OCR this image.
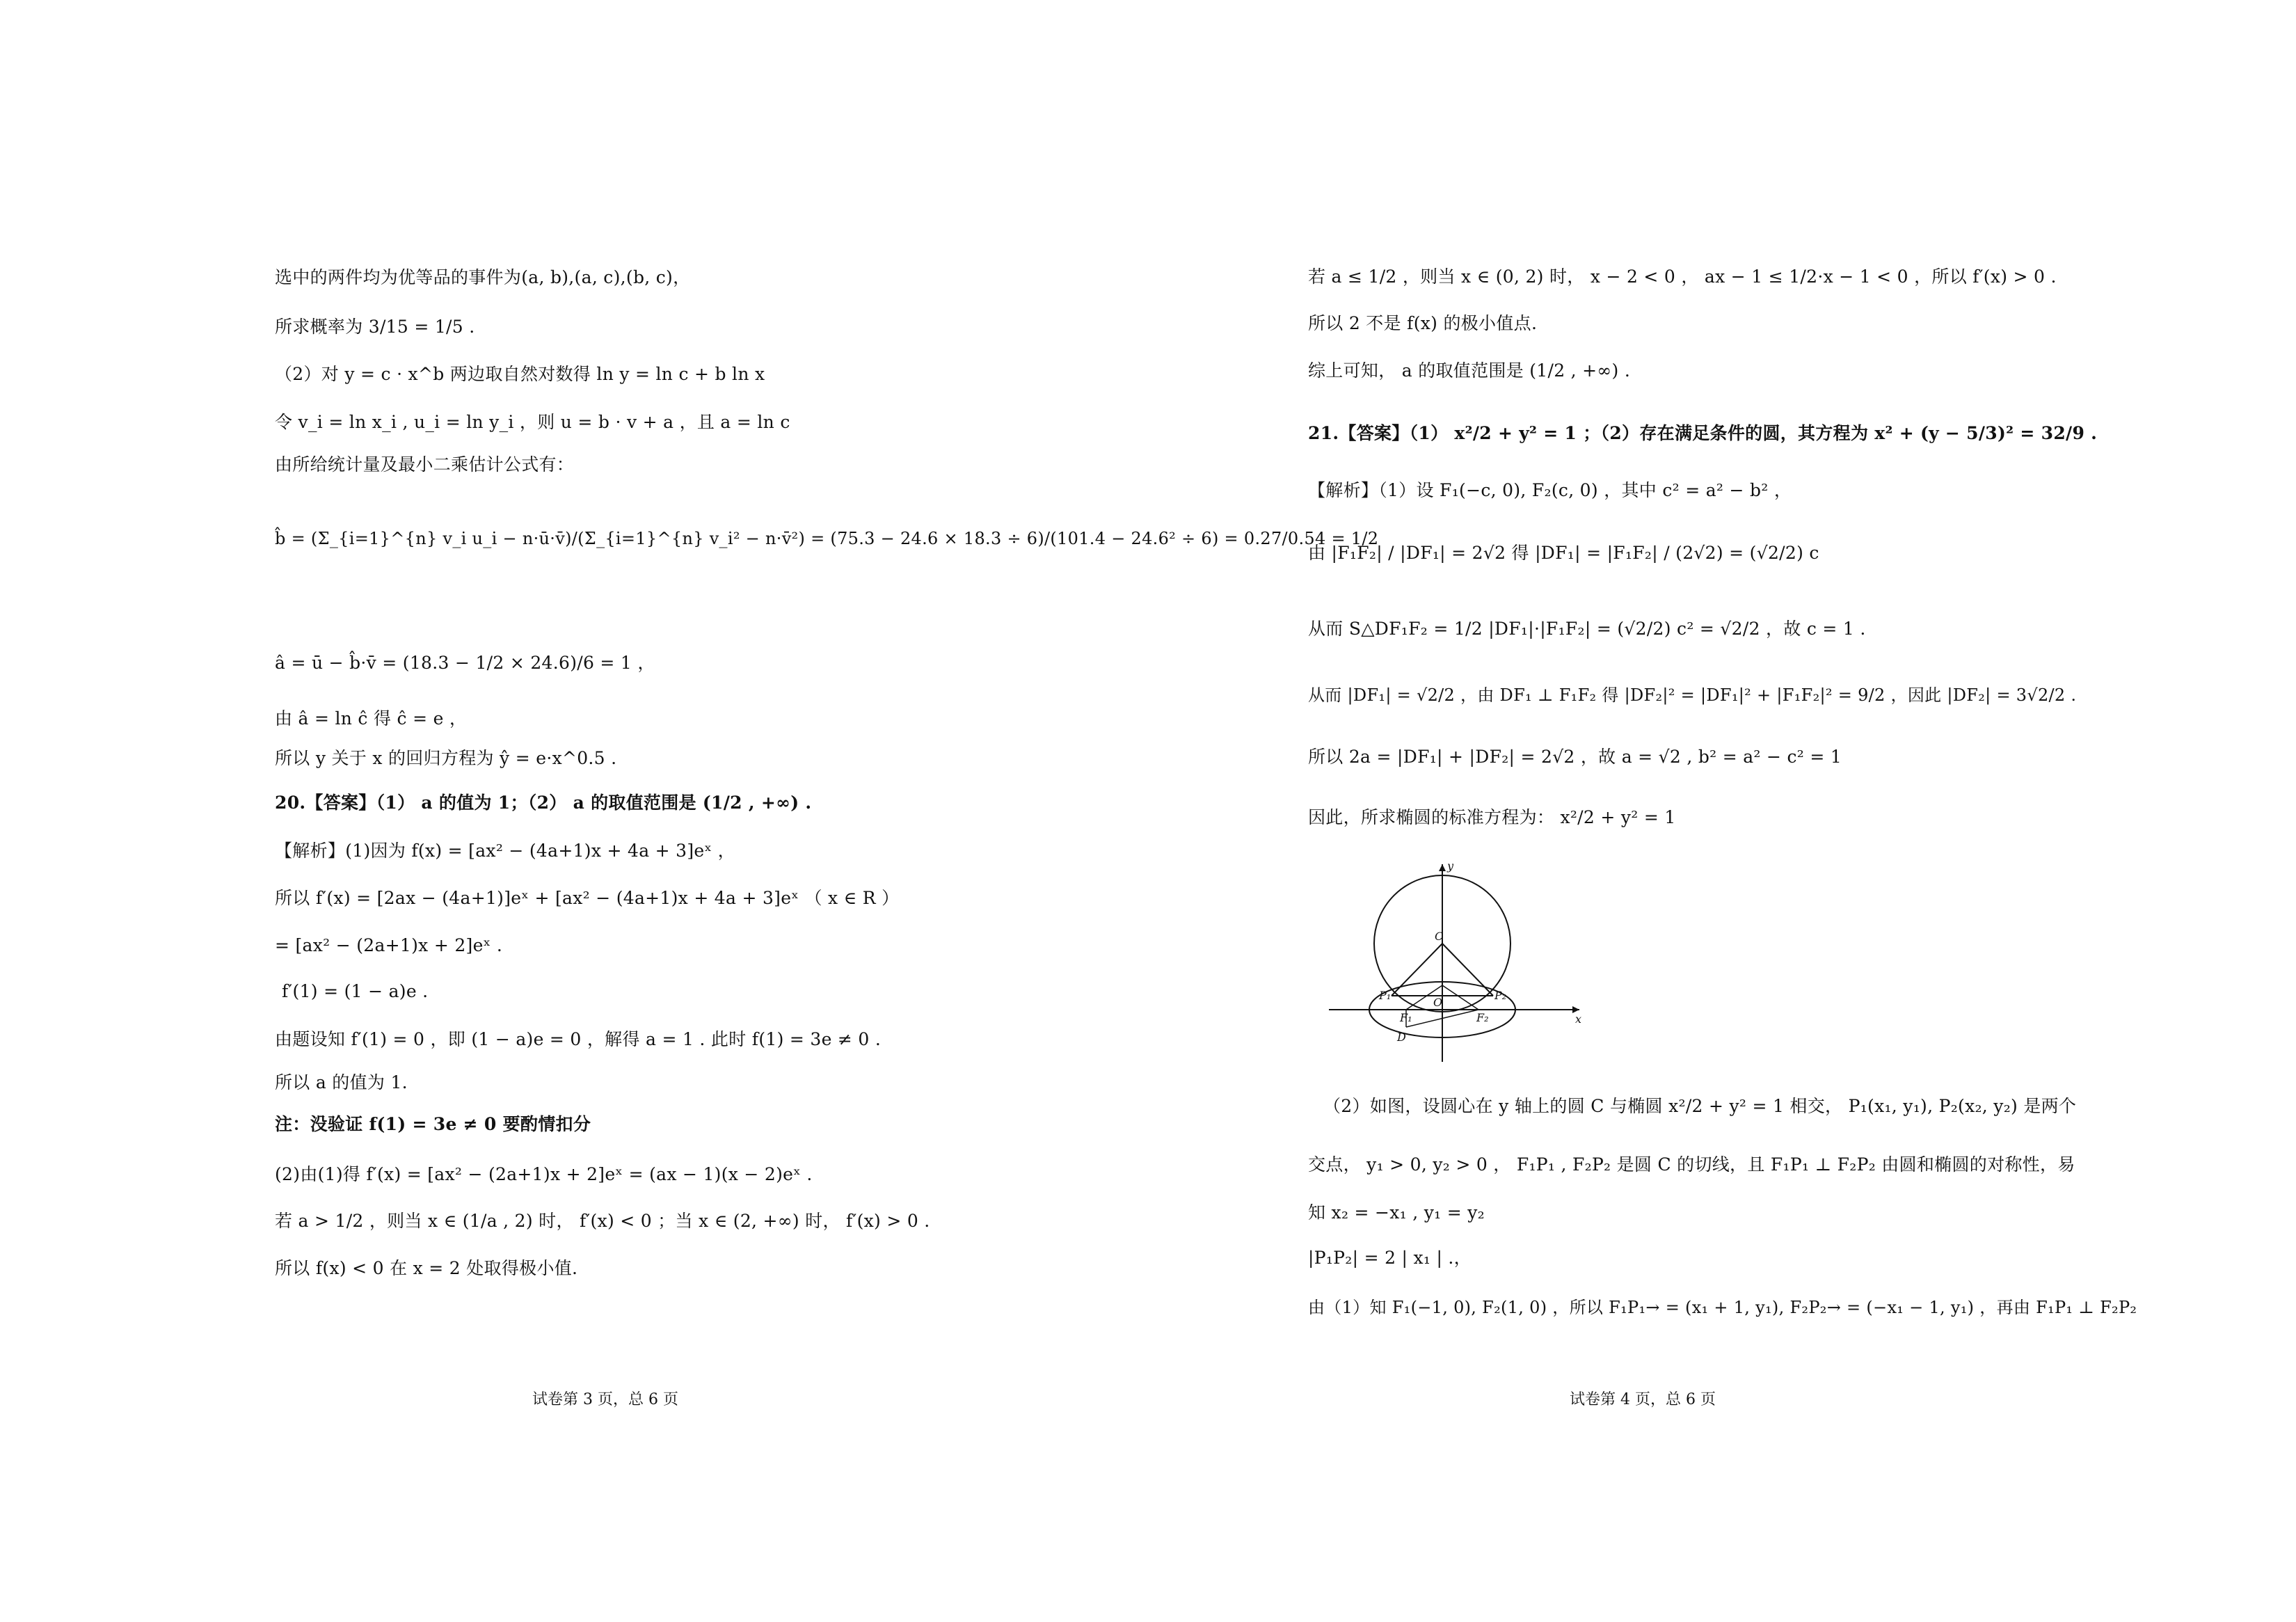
选中的两件均为优等品的事件为(a, b),(a, c),(b, c)，

所求概率为 3/15 = 1/5 .

（2）对 y = c · x^b 两边取自然对数得 ln y = ln c + b ln x

令 v_i = ln x_i , u_i = ln y_i ，则 u = b · v + a ，且 a = ln c

由所给统计量及最小二乘估计公式有：

b̂ = (Σ_{i=1}^{n} v_i u_i − n·ū·v̄)/(Σ_{i=1}^{n} v_i² − n·v̄²) = (75.3 − 24.6 × 18.3 ÷ 6)/(101.4 − 24.6² ÷ 6) = 0.27/0.54 = 1/2

â = ū − b̂·v̄ = (18.3 − 1/2 × 24.6)/6 = 1 ，

由 â = ln ĉ 得 ĉ = e ，

所以 y 关于 x 的回归方程为 ŷ = e·x^0.5 .

20.【答案】（1） a 的值为 1；（2） a 的取值范围是 (1/2 , +∞) .

【解析】(1)因为 f(x) = [ax² − (4a+1)x + 4a + 3]eˣ ，

所以 f′(x) = [2ax − (4a+1)]eˣ + [ax² − (4a+1)x + 4a + 3]eˣ （ x ∈ R ）

= [ax² − (2a+1)x + 2]eˣ .

f′(1) = (1 − a)e .

由题设知 f′(1) = 0 ，即 (1 − a)e = 0 ，解得 a = 1 . 此时 f(1) = 3e ≠ 0 .

所以 a 的值为 1.

注：没验证 f(1) = 3e ≠ 0 要酌情扣分

(2)由(1)得 f′(x) = [ax² − (2a+1)x + 2]eˣ = (ax − 1)(x − 2)eˣ .

若 a > 1/2 ，则当 x ∈ (1/a , 2) 时， f′(x) < 0 ；当 x ∈ (2, +∞) 时， f′(x) > 0 .

所以 f(x) < 0 在 x = 2 处取得极小值.

试卷第 3 页，总 6 页

若 a ≤ 1/2 ，则当 x ∈ (0, 2) 时， x − 2 < 0 ， ax − 1 ≤ 1/2·x − 1 < 0 ，所以 f′(x) > 0 .

所以 2 不是 f(x) 的极小值点.

综上可知， a 的取值范围是 (1/2 , +∞) .

21.【答案】（1） x²/2 + y² = 1 ；（2）存在满足条件的圆，其方程为 x² + (y − 5/3)² = 32/9 .

【解析】（1）设 F₁(−c, 0), F₂(c, 0) ，其中 c² = a² − b² ，

由 |F₁F₂| / |DF₁| = 2√2 得 |DF₁| = |F₁F₂| / (2√2) = (√2/2) c

从而 S△DF₁F₂ = 1/2 |DF₁|·|F₁F₂| = (√2/2) c² = √2/2 ，故 c = 1 .

从而 |DF₁| = √2/2 ，由 DF₁ ⊥ F₁F₂ 得 |DF₂|² = |DF₁|² + |F₁F₂|² = 9/2 ，因此 |DF₂| = 3√2/2 .

所以 2a = |DF₁| + |DF₂| = 2√2 ，故 a = √2 , b² = a² − c² = 1

因此，所求椭圆的标准方程为： x²/2 + y² = 1

y
x
C
O
D
P₁	P₂
F₁	F₂

（2）如图，设圆心在 y 轴上的圆 C 与椭圆 x²/2 + y² = 1 相交， P₁(x₁, y₁), P₂(x₂, y₂) 是两个

交点， y₁ > 0, y₂ > 0 ， F₁P₁ , F₂P₂ 是圆 C 的切线，且 F₁P₁ ⊥ F₂P₂ 由圆和椭圆的对称性，易

知 x₂ = −x₁ , y₁ = y₂

|P₁P₂| = 2 | x₁ | .，

由（1）知 F₁(−1, 0), F₂(1, 0) ，所以 F₁P₁→ = (x₁ + 1, y₁), F₂P₂→ = (−x₁ − 1, y₁) ，再由 F₁P₁ ⊥ F₂P₂

试卷第 4 页，总 6 页
